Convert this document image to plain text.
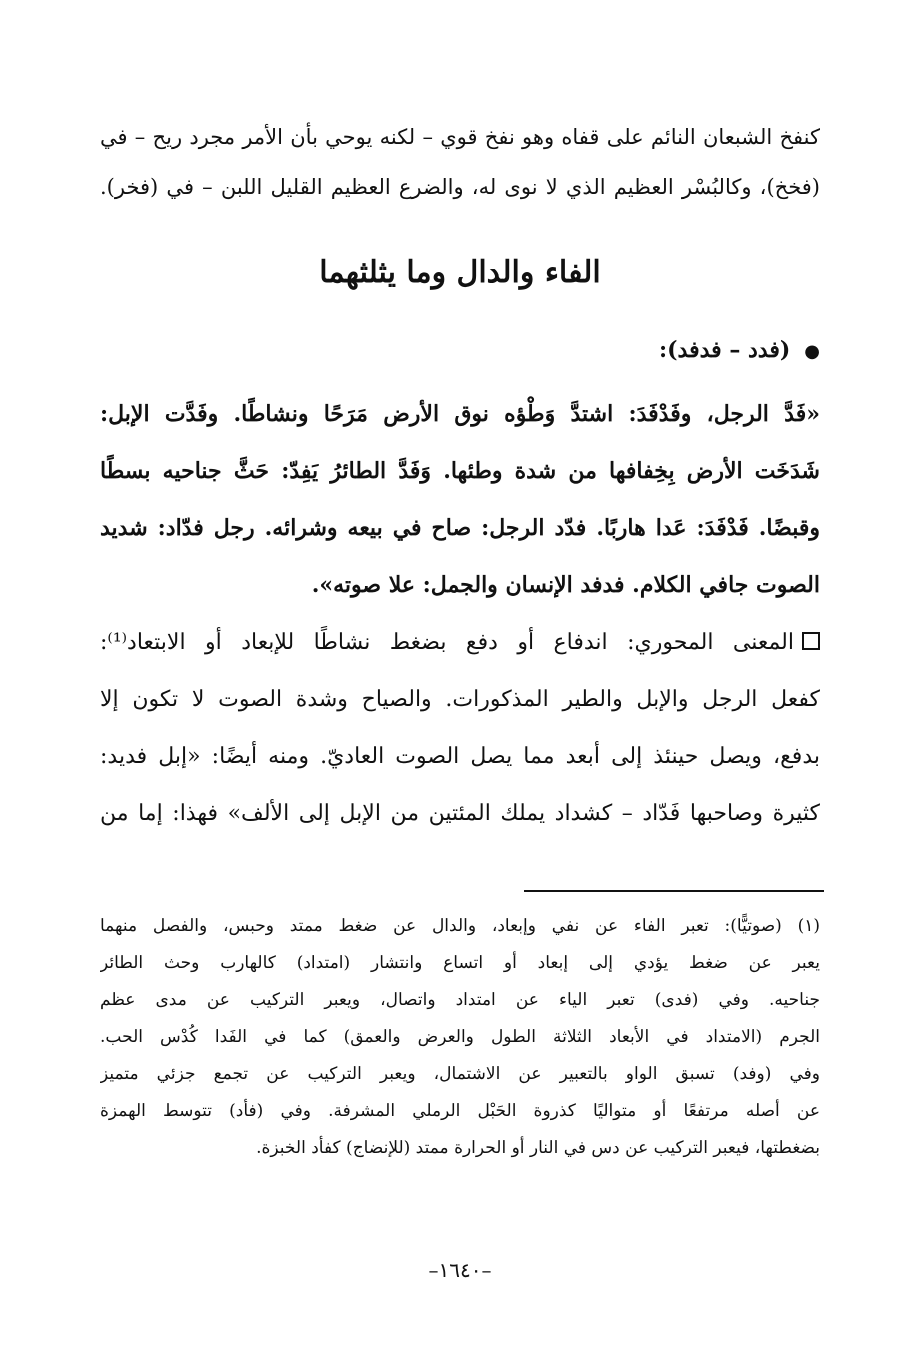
كنفخ الشبعان النائم على قفاه وهو نفخ قوي – لكنه يوحي بأن الأمر مجرد ريح – في
(فخخ)، وكالبُسْر العظيم الذي لا نوى له، والضرع العظيم القليل اللبن – في (فخر).
الفاء والدال وما يثلثهما
●(فدد – فدفد):
«فَدَّ الرجل، وفَدْفَدَ: اشتدَّ وَطْؤه نوق الأرض مَرَحًا ونشاطًا. وفَدَّت الإبل:
شَدَخَت الأرض بِخِفافها من شدة وطئها. وَفَدَّ الطائرُ يَفِدّ: حَثَّ جناحيه بسطًا
وقبضًا. فَدْفَدَ: عَدا هاربًا. فدّد الرجل: صاح في بيعه وشرائه. رجل فدّاد: شديد
الصوت جافي الكلام. فدفد الإنسان والجمل: علا صوته».
المعنى المحوري: اندفاع أو دفع بضغط نشاطًا للإبعاد أو الابتعاد⁽¹⁾:
كفعل الرجل والإبل والطير المذكورات. والصياح وشدة الصوت لا تكون إلا
بدفع، ويصل حينئذ إلى أبعد مما يصل الصوت العاديّ. ومنه أيضًا: «إبل فديد:
كثيرة وصاحبها فَدّاد – كشداد يملك المئتين من الإبل إلى الألف» فهذا: إما من
(١) (صوتيًّا): تعبر الفاء عن نفي وإبعاد، والدال عن ضغط ممتد وحبس، والفصل منهما
يعبر عن ضغط يؤدي إلى إبعاد أو اتساع وانتشار (امتداد) كالهارب وحث الطائر
جناحيه. وفي (فدى) تعبر الياء عن امتداد واتصال، ويعبر التركيب عن مدى عظم
الجرم (الامتداد في الأبعاد الثلاثة الطول والعرض والعمق) كما في الفَدا كُدْس الحب.
وفي (وفد) تسبق الواو بالتعبير عن الاشتمال، ويعبر التركيب عن تجمع جزئي متميز
عن أصله مرتفعًا أو متواليًا كذروة الحَبْل الرملي المشرفة. وفي (فأد) تتوسط الهمزة
بضغطتها، فيعبر التركيب عن دس في النار أو الحرارة ممتد (للإنضاج) كفأد الخبزة.
–١٦٤٠–
